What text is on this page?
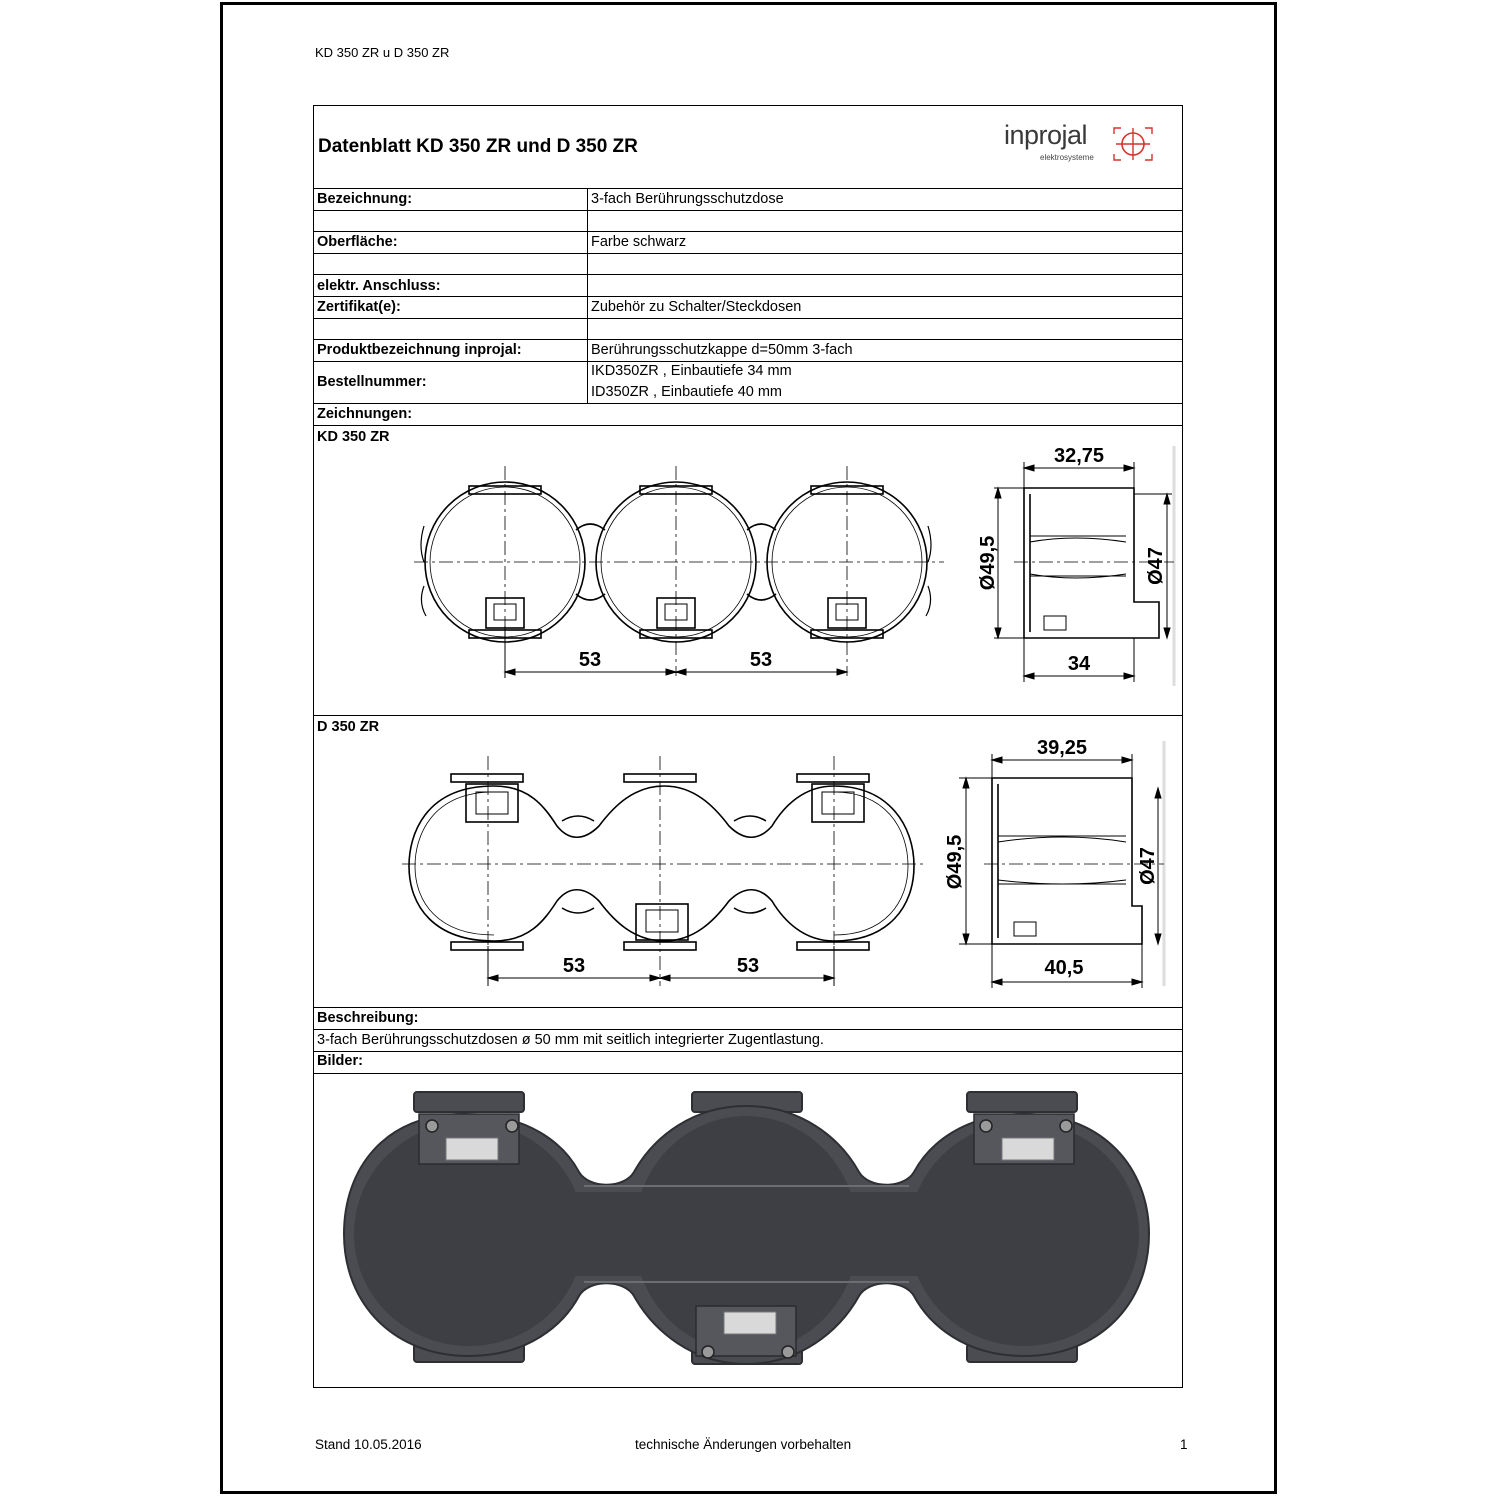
KD 350 ZR u D 350 ZR
Datenblatt KD 350 ZR und D 350 ZR	inprojal
elektrosysteme
Bezeichnung:	3-fach Berührungsschutzdose
Oberfläche:	Farbe schwarz
elektr. Anschluss:
Zertifikat(e):	Zubehör zu Schalter/Steckdosen
Produktbezeichnung inprojal:	Berührungsschutzkappe d=50mm 3-fach
Bestellnummer:
IKD350ZR , Einbautiefe 34 mm
ID350ZR , Einbautiefe 40 mm
Zeichnungen:
KD 350 ZR
53	53
32,75
34
Ø49,5	Ø47
D 350 ZR
53	53
39,25
40,5
Ø49,5	Ø47
Beschreibung:
3-fach Berührungsschutzdosen ø 50 mm mit seitlich integrierter Zugentlastung.
Bilder:
Stand 10.05.2016	technische Änderungen vorbehalten	1
